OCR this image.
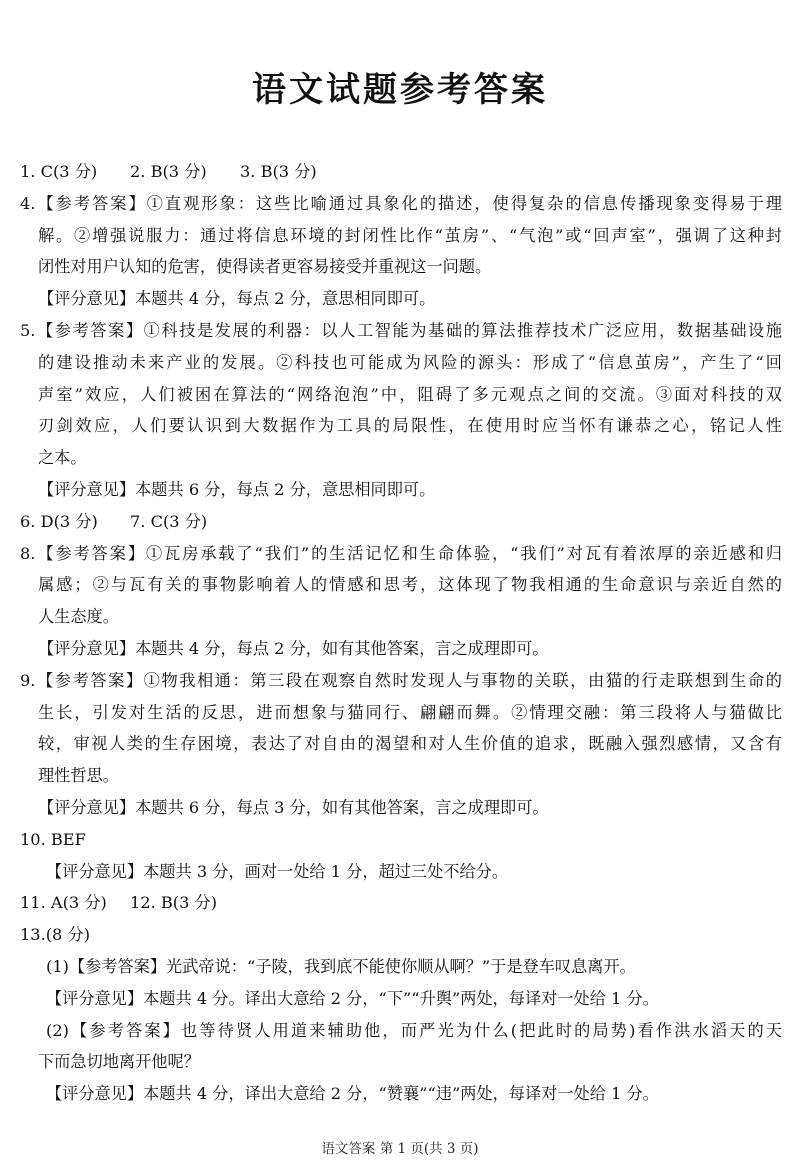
语文试题参考答案
1. C(3 分) 2. B(3 分) 3. B(3 分)
4.【参考答案】①直观形象：这些比喻通过具象化的描述，使得复杂的信息传播现象变得易于理
解。②增强说服力：通过将信息环境的封闭性比作“茧房”、“气泡”或“回声室”，强调了这种封
闭性对用户认知的危害，使得读者更容易接受并重视这一问题。
【评分意见】本题共 4 分，每点 2 分，意思相同即可。
5.【参考答案】①科技是发展的利器：以人工智能为基础的算法推荐技术广泛应用，数据基础设施
的建设推动未来产业的发展。②科技也可能成为风险的源头：形成了“信息茧房”，产生了“回
声室”效应，人们被困在算法的“网络泡泡”中，阻碍了多元观点之间的交流。③面对科技的双
刃剑效应，人们要认识到大数据作为工具的局限性，在使用时应当怀有谦恭之心，铭记人性
之本。
【评分意见】本题共 6 分，每点 2 分，意思相同即可。
6. D(3 分) 7. C(3 分)
8.【参考答案】①瓦房承载了“我们”的生活记忆和生命体验，“我们”对瓦有着浓厚的亲近感和归
属感；②与瓦有关的事物影响着人的情感和思考，这体现了物我相通的生命意识与亲近自然的
人生态度。
【评分意见】本题共 4 分，每点 2 分，如有其他答案，言之成理即可。
9.【参考答案】①物我相通：第三段在观察自然时发现人与事物的关联，由猫的行走联想到生命的
生长，引发对生活的反思，进而想象与猫同行、翩翩而舞。②情理交融：第三段将人与猫做比
较，审视人类的生存困境，表达了对自由的渴望和对人生价值的追求，既融入强烈感情，又含有
理性哲思。
【评分意见】本题共 6 分，每点 3 分，如有其他答案，言之成理即可。
10. BEF
【评分意见】本题共 3 分，画对一处给 1 分，超过三处不给分。
11. A(3 分) 12. B(3 分)
13.(8 分)
(1)【参考答案】光武帝说：“子陵，我到底不能使你顺从啊？”于是登车叹息离开。
【评分意见】本题共 4 分。译出大意给 2 分，“下”“升舆”两处，每译对一处给 1 分。
(2)【参考答案】也等待贤人用道来辅助他，而严光为什么(把此时的局势)看作洪水滔天的天
下而急切地离开他呢？
【评分意见】本题共 4 分，译出大意给 2 分，“赞襄”“违”两处，每译对一处给 1 分。
语文答案 第 1 页(共 3 页)
